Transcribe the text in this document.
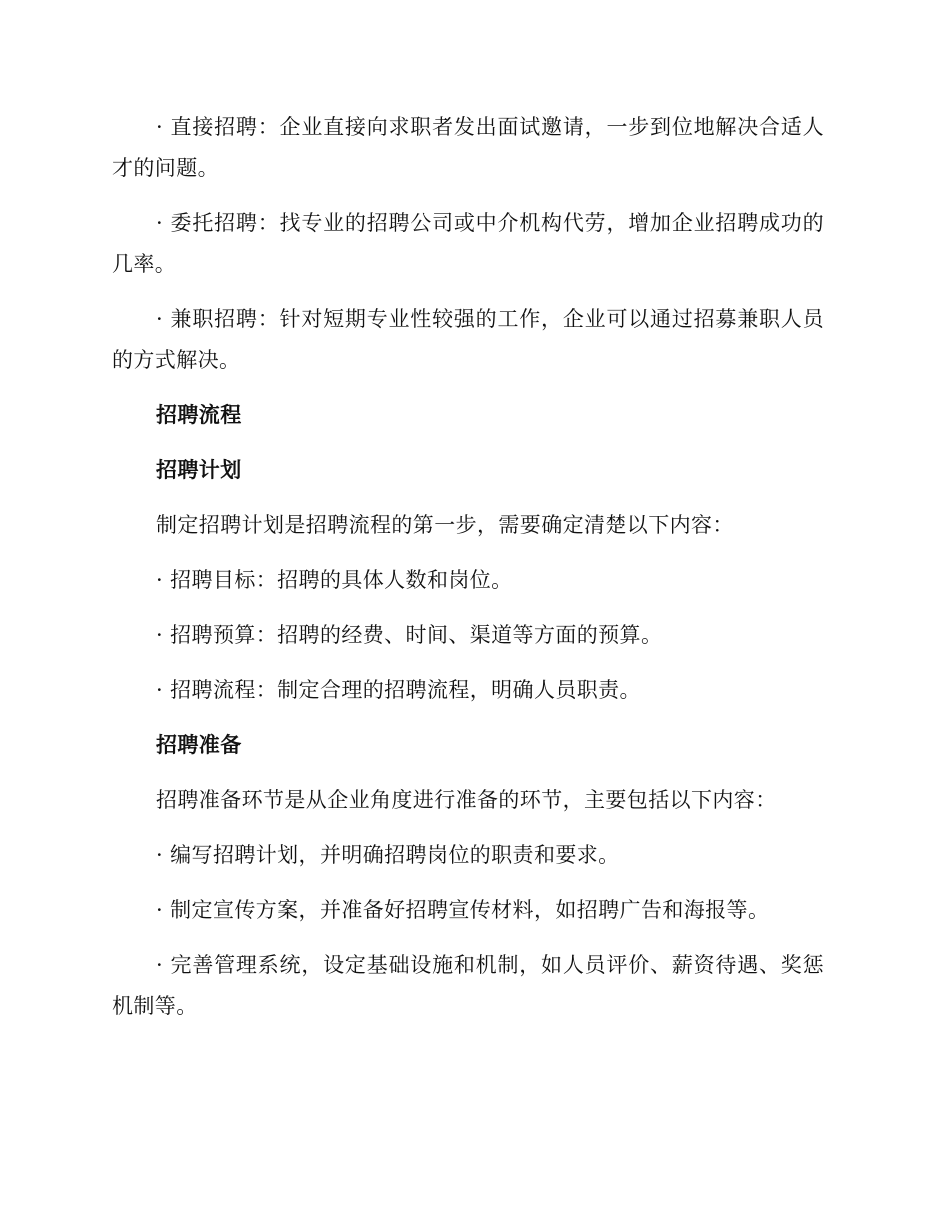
· 直接招聘：企业直接向求职者发出面试邀请，一步到位地解决合适人才的问题。

· 委托招聘：找专业的招聘公司或中介机构代劳，增加企业招聘成功的几率。

· 兼职招聘：针对短期专业性较强的工作，企业可以通过招募兼职人员的方式解决。

招聘流程

招聘计划

制定招聘计划是招聘流程的第一步，需要确定清楚以下内容：

· 招聘目标：招聘的具体人数和岗位。

· 招聘预算：招聘的经费、时间、渠道等方面的预算。

· 招聘流程：制定合理的招聘流程，明确人员职责。

招聘准备

招聘准备环节是从企业角度进行准备的环节，主要包括以下内容：

· 编写招聘计划，并明确招聘岗位的职责和要求。

· 制定宣传方案，并准备好招聘宣传材料，如招聘广告和海报等。

· 完善管理系统，设定基础设施和机制，如人员评价、薪资待遇、奖惩机制等。
